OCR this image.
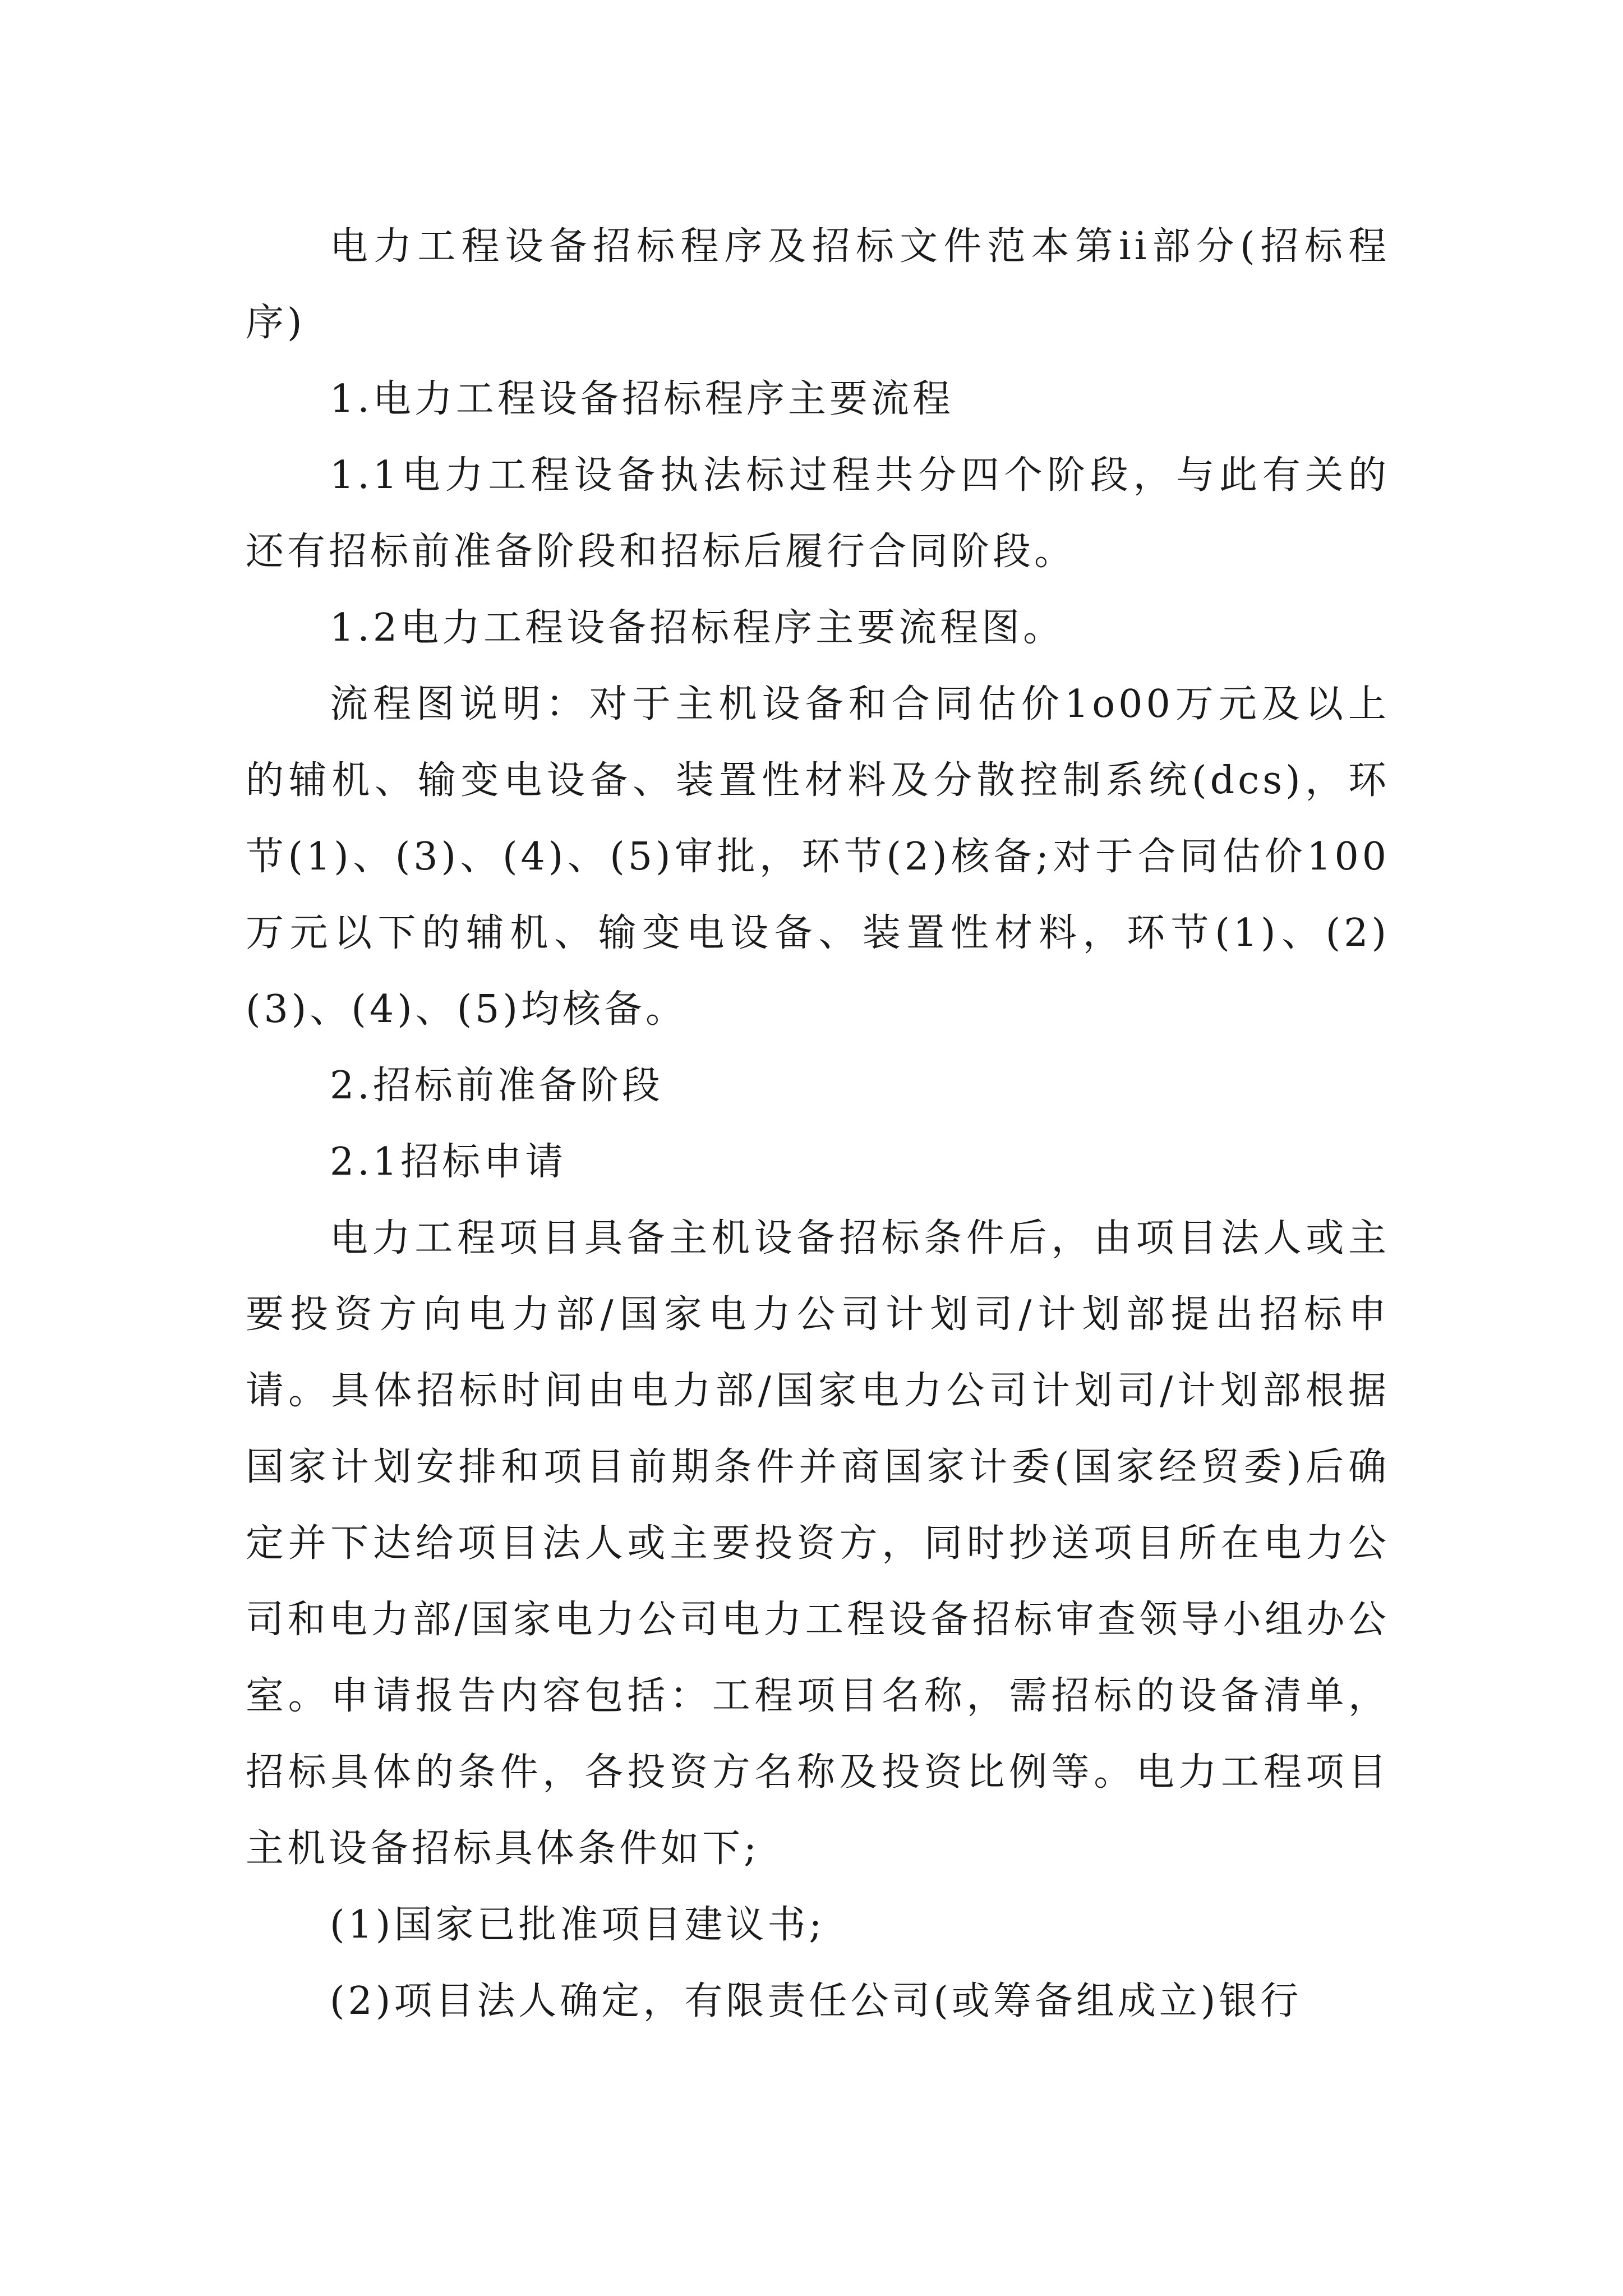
电力工程设备招标程序及招标文件范本第ii部分(招标程序)

1.电力工程设备招标程序主要流程

1.1电力工程设备执法标过程共分四个阶段，与此有关的还有招标前准备阶段和招标后履行合同阶段。

1.2电力工程设备招标程序主要流程图。

流程图说明：对于主机设备和合同估价1o00万元及以上的辅机、输变电设备、装置性材料及分散控制系统(dcs)，环节(1)、(3)、(4)、(5)审批，环节(2)核备;对于合同估价100万元以下的辅机、输变电设备、装置性材料，环节(1)、(2)(3)、(4)、(5)均核备。

2.招标前准备阶段

2.1招标申请

电力工程项目具备主机设备招标条件后，由项目法人或主要投资方向电力部/国家电力公司计划司/计划部提出招标申请。具体招标时间由电力部/国家电力公司计划司/计划部根据国家计划安排和项目前期条件并商国家计委(国家经贸委)后确定并下达给项目法人或主要投资方，同时抄送项目所在电力公司和电力部/国家电力公司电力工程设备招标审查领导小组办公室。申请报告内容包括：工程项目名称，需招标的设备清单，招标具体的条件，各投资方名称及投资比例等。电力工程项目主机设备招标具体条件如下;

(1)国家已批准项目建议书;

(2)项目法人确定，有限责任公司(或筹备组成立)银行
